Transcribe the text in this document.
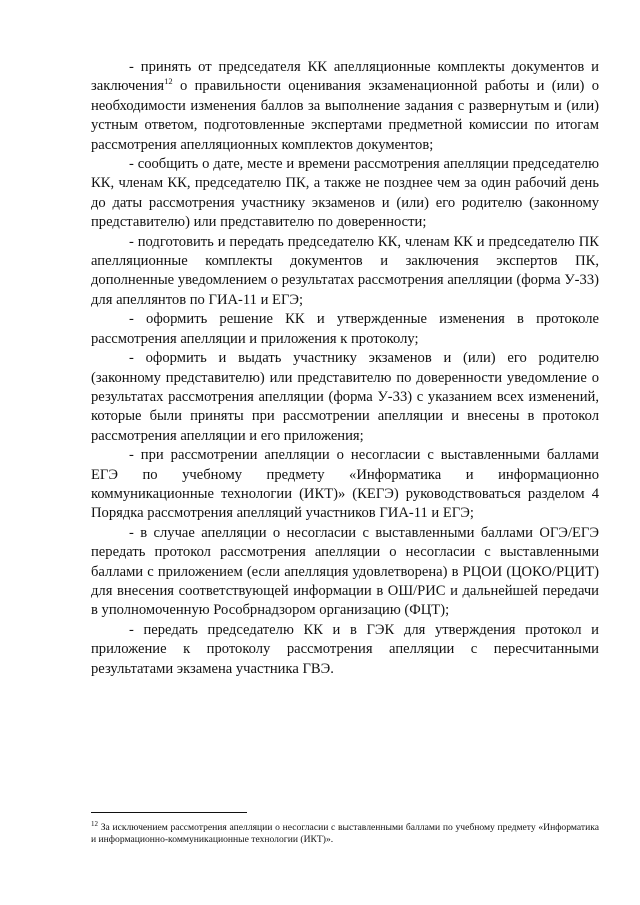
- принять от председателя КК апелляционные комплекты документов и заключения$^{12}$ о правильности оценивания экзаменационной работы и (или) о необходимости изменения баллов за выполнение задания с развернутым и (или) устным ответом, подготовленные экспертами предметной комиссии по итогам рассмотрения апелляционных комплектов документов;

- сообщить о дате, месте и времени рассмотрения апелляции председателю КК, членам КК, председателю ПК, а также не позднее чем за один рабочий день до даты рассмотрения участнику экзаменов и (или) его родителю (законному представителю) или представителю по доверенности;

- подготовить и передать председателю КК, членам КК и председателю ПК апелляционные комплекты документов и заключения экспертов ПК, дополненные уведомлением о результатах рассмотрения апелляции (форма У-33) для апеллянтов по ГИА-11 и ЕГЭ;

- оформить решение КК и утвержденные изменения в протоколе рассмотрения апелляции и приложения к протоколу;

- оформить и выдать участнику экзаменов и (или) его родителю (законному представителю) или представителю по доверенности уведомление о результатах рассмотрения апелляции (форма У-33) с указанием всех изменений, которые были приняты при рассмотрении апелляции и внесены в протокол рассмотрения апелляции и его приложения;

- при рассмотрении апелляции о несогласии с выставленными баллами ЕГЭ по учебному предмету «Информатика и информационно коммуникационные технологии (ИКТ)» (КЕГЭ) руководствоваться разделом 4 Порядка рассмотрения апелляций участников ГИА-11 и ЕГЭ;

- в случае апелляции о несогласии с выставленными баллами ОГЭ/ЕГЭ передать протокол рассмотрения апелляции о несогласии с выставленными баллами с приложением (если апелляция удовлетворена) в РЦОИ (ЦОКО/РЦИТ) для внесения соответствующей информации в ОШ/РИС и дальнейшей передачи в уполномоченную Рособрнадзором организацию (ФЦТ);

- передать председателю КК и в ГЭК для утверждения протокол и приложение к протоколу рассмотрения апелляции с пересчитанными результатами экзамена участника ГВЭ.

$^{12}$ За исключением рассмотрения апелляции о несогласии с выставленными баллами по учебному предмету «Информатика и информационно-коммуникационные технологии (ИКТ)».
